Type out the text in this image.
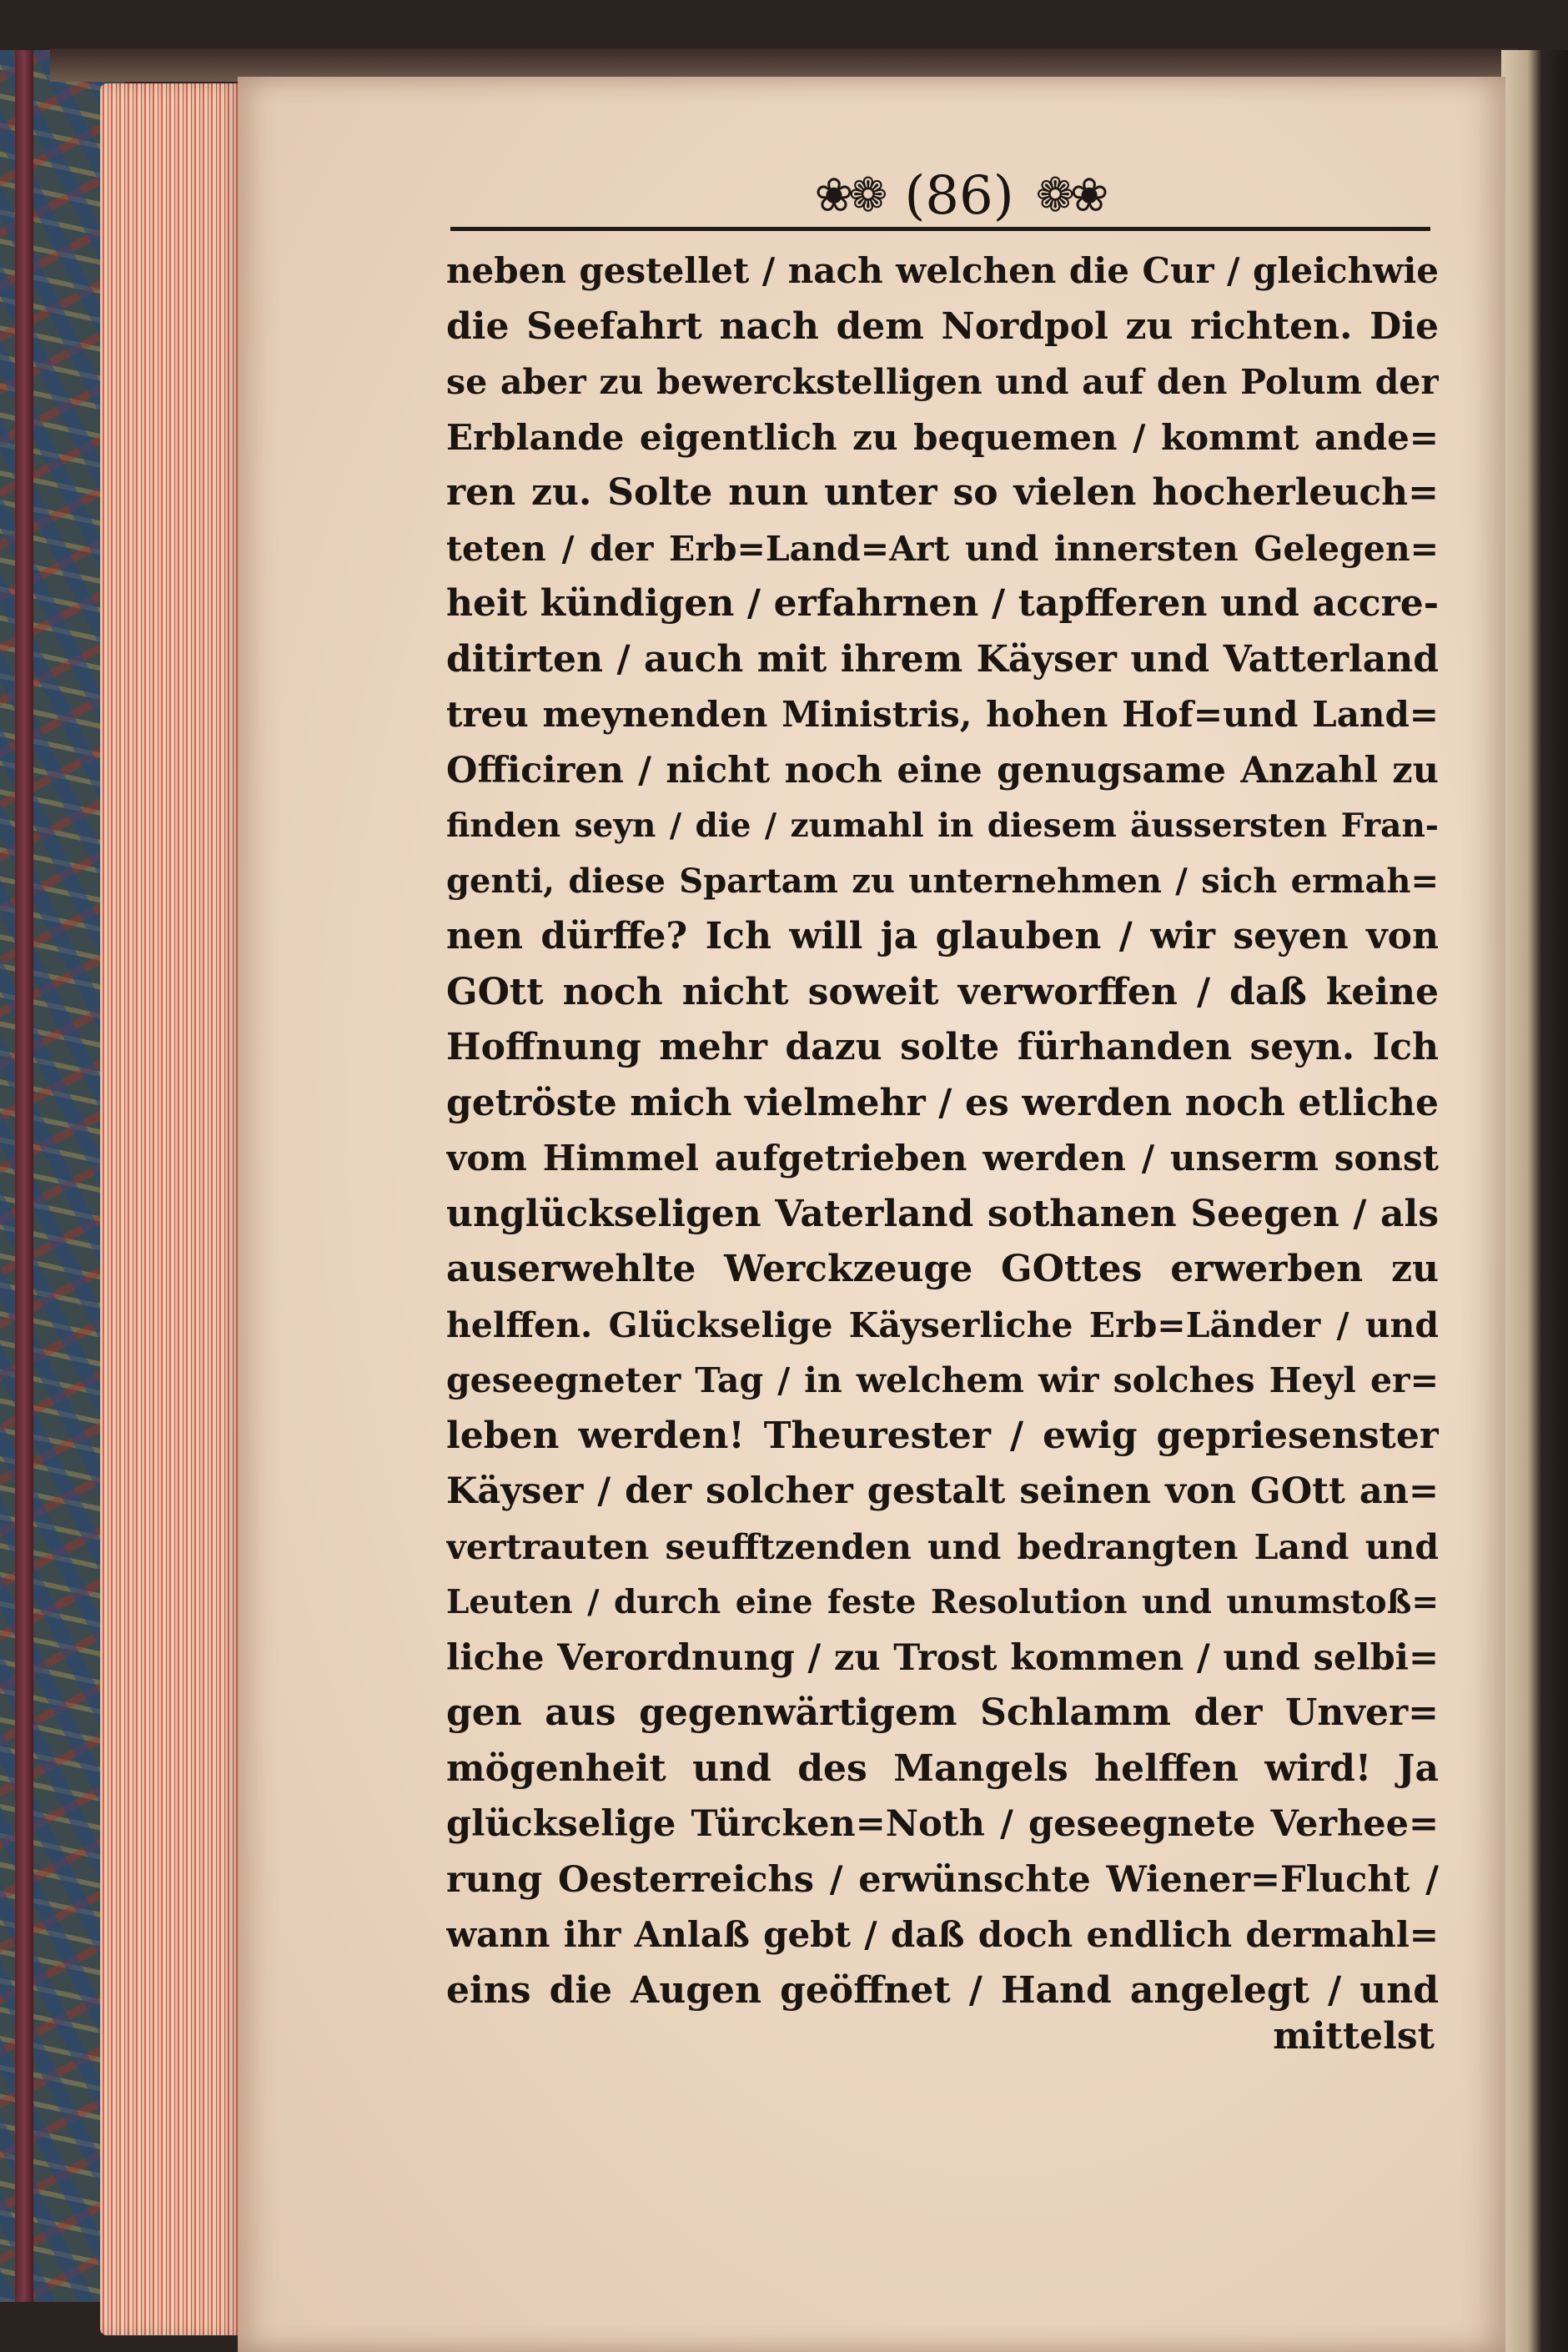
❀❁ (86) ❁❀
neben gestellet / nach welchen die Cur / gleichwie
die Seefahrt nach dem Nordpol zu richten. Die
se aber zu bewerckstelligen und auf den Polum der
Erblande eigentlich zu bequemen / kommt ande=
ren zu. Solte nun unter so vielen hocherleuch=
teten / der Erb=Land=Art und innersten Gelegen=
heit kündigen / erfahrnen / tapfferen und accre-
ditirten / auch mit ihrem Käyser und Vatterland
treu meynenden Ministris, hohen Hof=und Land=
Officiren / nicht noch eine genugsame Anzahl zu
finden seyn / die / zumahl in diesem äussersten Fran-
genti, diese Spartam zu unternehmen / sich ermah=
nen dürffe? Ich will ja glauben / wir seyen von
GOtt noch nicht soweit verworffen / daß keine
Hoffnung mehr dazu solte fürhanden seyn. Ich
getröste mich vielmehr / es werden noch etliche
vom Himmel aufgetrieben werden / unserm sonst
unglückseligen Vaterland sothanen Seegen / als
auserwehlte Werckzeuge GOttes erwerben zu
helffen. Glückselige Käyserliche Erb=Länder / und
geseegneter Tag / in welchem wir solches Heyl er=
leben werden! Theurester / ewig gepriesenster
Käyser / der solcher gestalt seinen von GOtt an=
vertrauten seufftzenden und bedrangten Land und
Leuten / durch eine feste Resolution und unumstoß=
liche Verordnung / zu Trost kommen / und selbi=
gen aus gegenwärtigem Schlamm der Unver=
mögenheit und des Mangels helffen wird! Ja
glückselige Türcken=Noth / geseegnete Verhee=
rung Oesterreichs / erwünschte Wiener=Flucht /
wann ihr Anlaß gebt / daß doch endlich dermahl=
eins die Augen geöffnet / Hand angelegt / und
mittelst
